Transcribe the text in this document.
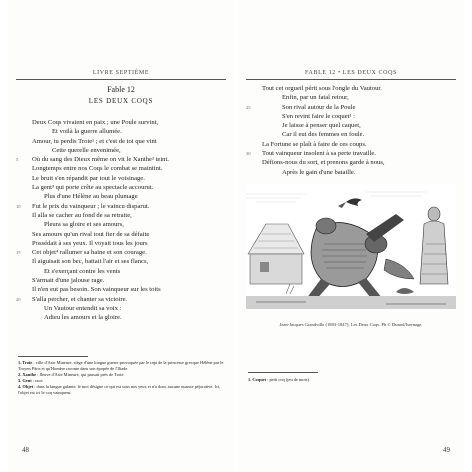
LIVRE SEPTIÈME
Fable 12
LES DEUX COQS
Deux Coqs vivaient en paix ; une Poule survint,
Et voilà la guerre allumée.
Amour, tu perdis Troie¹ ; et c'est de toi que vint
Cette querelle envenimée,
5	Où du sang des Dieux même on vit le Xanthe² teint.
Longtemps entre nos Coqs le combat se maintint.
Le bruit s'en répandit par tout le voisinage.
La gent³ qui porte crête au spectacle accourut.
Plus d'une Hélène au beau plumage
10	Fut le prix du vainqueur ; le vaincu disparut.
Il alla se cacher au fond de sa retraite,
Pleura sa gloire et ses amours,
Ses amours qu'un rival tout fier de sa défaite
Possédait à ses yeux. Il voyait tous les jours
15	Cet objet⁴ rallumer sa haine et son courage.
Il aiguisait son bec, battait l'air et ses flancs,
Et s'exerçant contre les vents
S'armait d'une jalouse rage.
Il n'en eut pas besoin. Son vainqueur sur les toits
20	S'alla percher, et chanter sa victoire.
Un Vautour entendit sa voix :
Adieu les amours et la gloire.

1. Troie : ville d'Asie Mineure, siège d'une longue guerre provoquée par le rapt de la princesse grecque Hélène par le Troyen Pâris et qu'Homère raconte dans son épopée de l'Iliade.

2. Xanthe : fleuve d'Asie Mineure, qui passait près de Troie.

3. Gent : race.

4. Objet : dans la langue galante, le mot désigne ce qui est sous nos yeux et n'a donc aucune nuance péjorative. Ici, l'objet est ici le coq vainqueur.

48
FABLE 12 • LES DEUX COQS
Tout cet orgueil périt sous l'ongle du Vautour.
Enfin, par un fatal retour,
25	Son rival autour de la Poule
S'en revint faire le coquet¹ :
Je laisse à penser quel caquet,
Car il eut des femmes en foule.
La Fortune se plaît à faire de ces coups.
30	Tout vainqueur insolent à sa perte travaille.
Défions-nous du sort, et prenons garde à nous,
Après le gain d'une bataille.
Jean-Jacques Grandville (1803-1847), Les Deux Coqs. Ph © Dunod/Isernage.

1. Coquet : petit coq (jeu de mots).

49
